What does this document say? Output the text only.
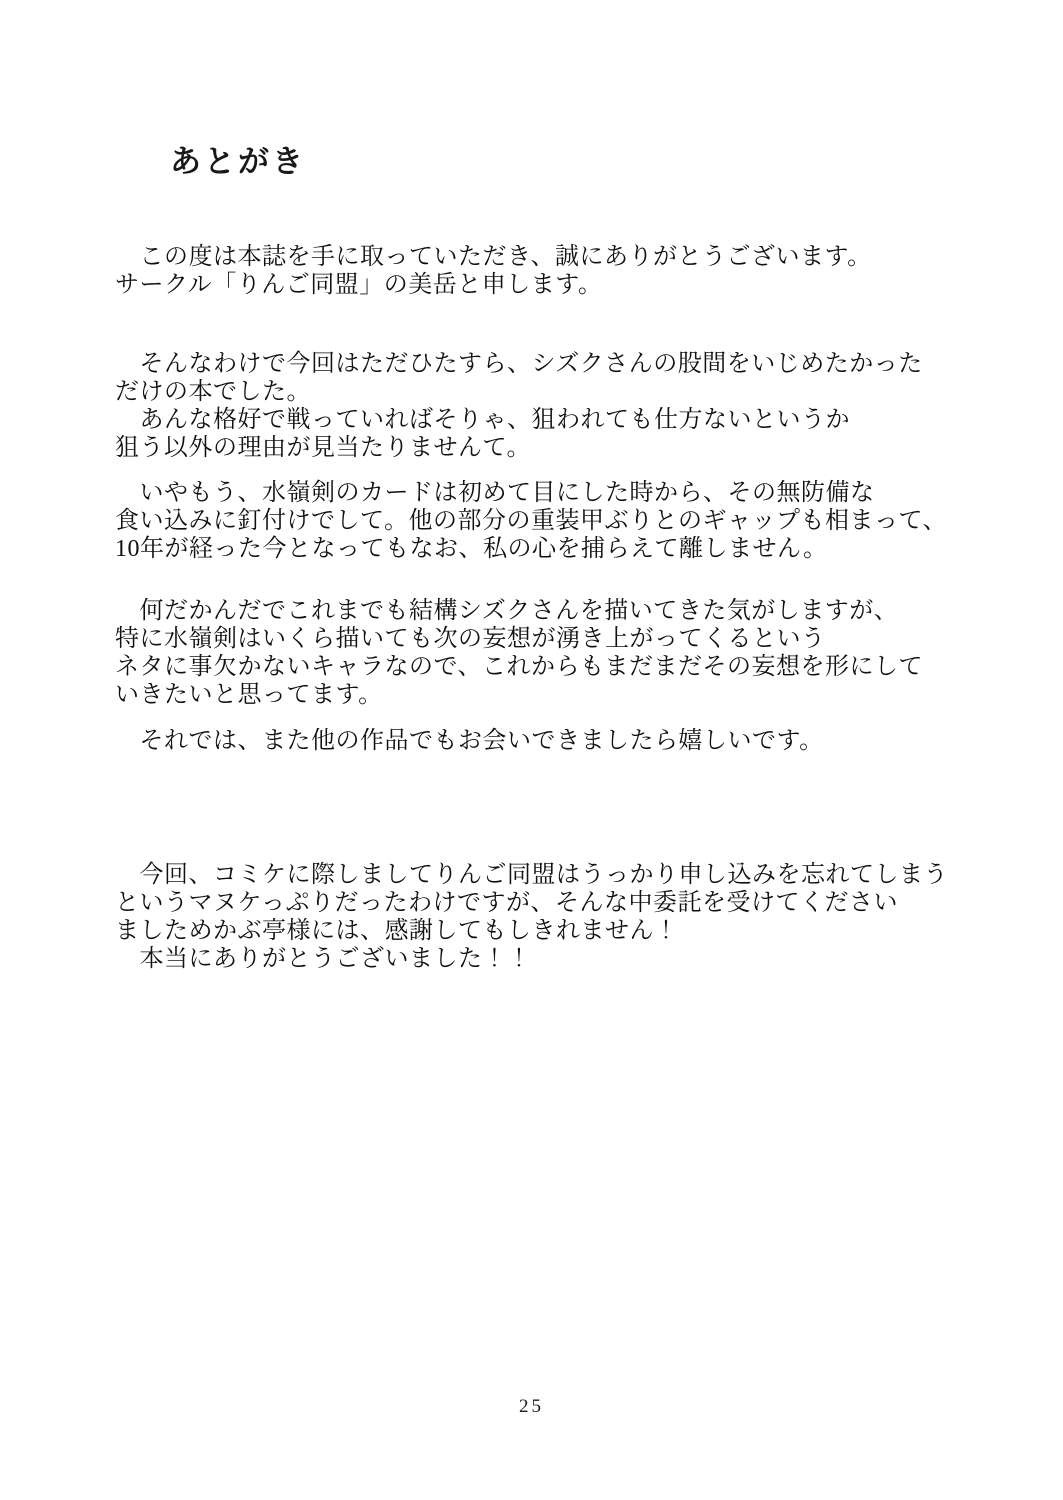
あとがき

　この度は本誌を手に取っていただき、誠にありがとうございます。
サークル「りんご同盟」の美岳と申します。

　そんなわけで今回はただひたすら、シズクさんの股間をいじめたかった
だけの本でした。
　あんな格好で戦っていればそりゃ、狙われても仕方ないというか
狙う以外の理由が見当たりませんて。

　いやもう、水嶺剣のカードは初めて目にした時から、その無防備な
食い込みに釘付けでして。他の部分の重装甲ぶりとのギャップも相まって、
10年が経った今となってもなお、私の心を捕らえて離しません。

　何だかんだでこれまでも結構シズクさんを描いてきた気がしますが、
特に水嶺剣はいくら描いても次の妄想が湧き上がってくるという
ネタに事欠かないキャラなので、これからもまだまだその妄想を形にして
いきたいと思ってます。

　それでは、また他の作品でもお会いできましたら嬉しいです。

　今回、コミケに際しましてりんご同盟はうっかり申し込みを忘れてしまう
というマヌケっぷりだったわけですが、そんな中委託を受けてください
ましためかぶ亭様には、感謝してもしきれません！
　本当にありがとうございました！！

25
